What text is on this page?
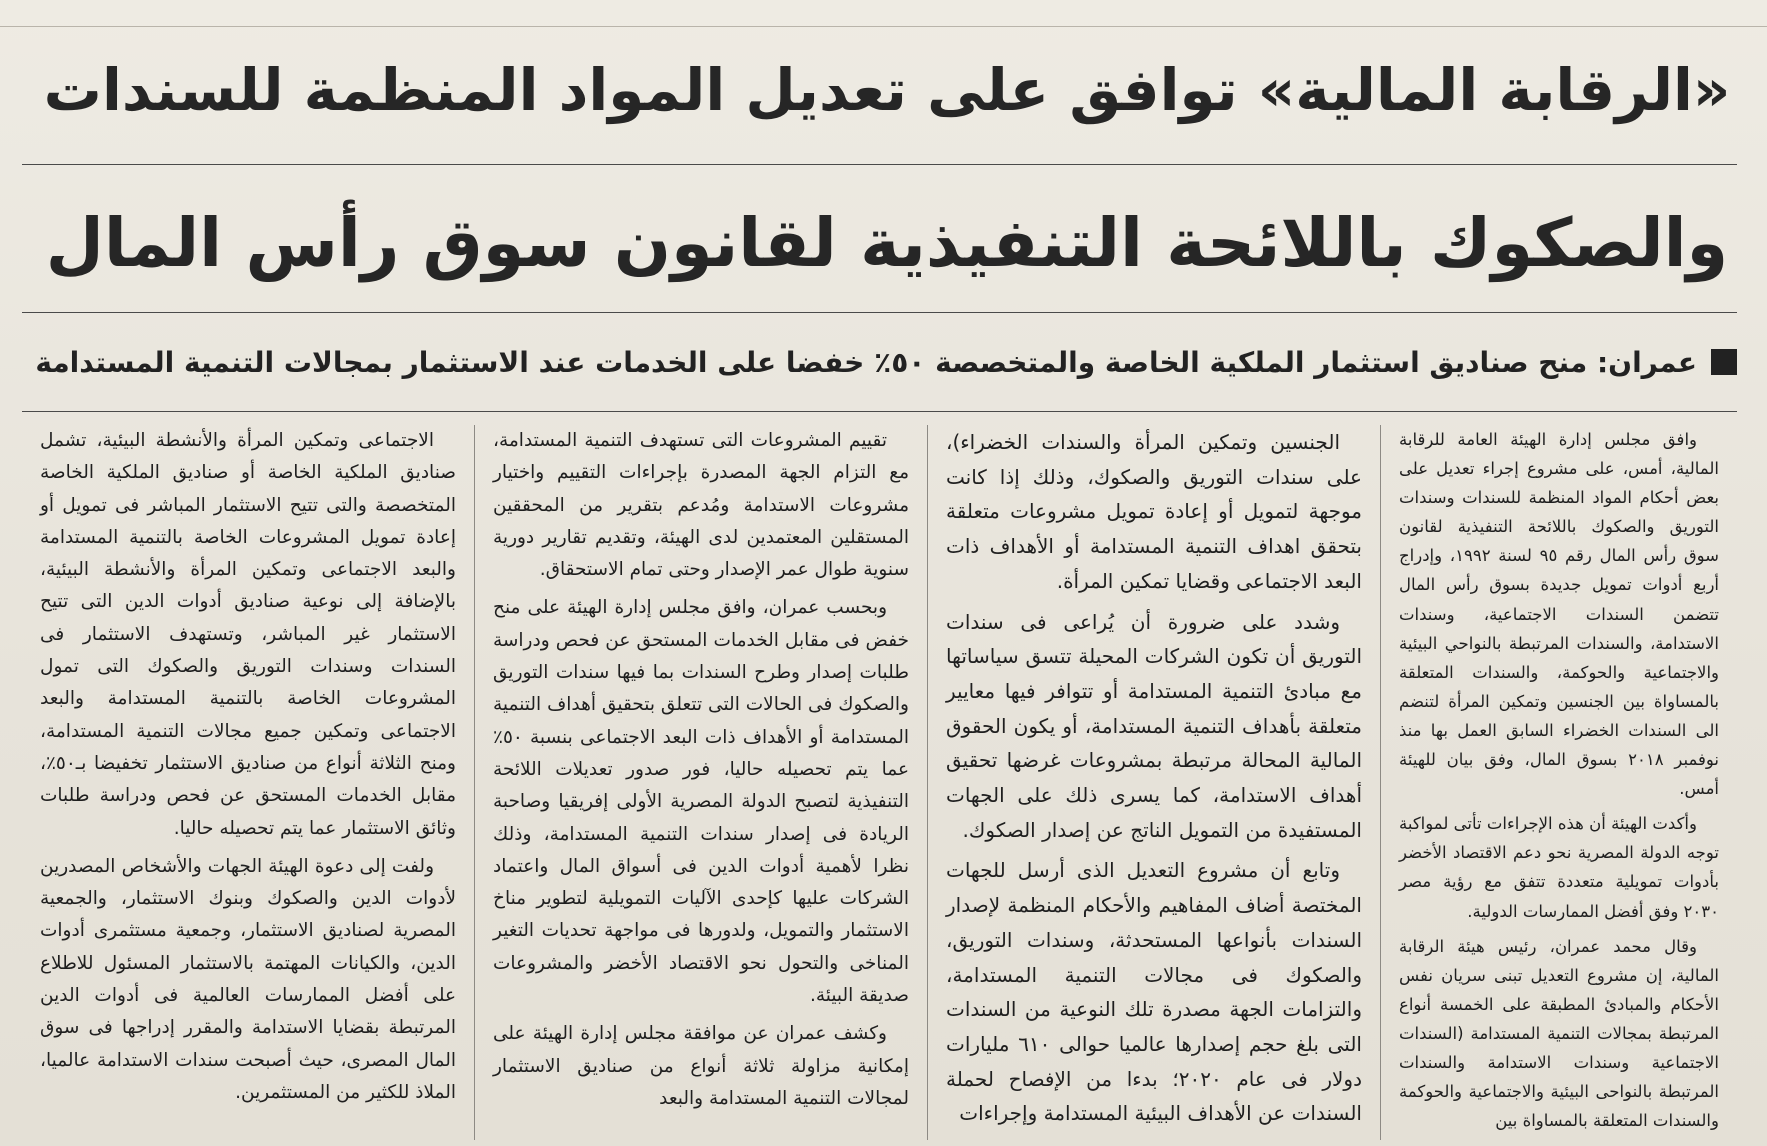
«الرقابة المالية» توافق على تعديل المواد المنظمة للسندات
والصكوك باللائحة التنفيذية لقانون سوق رأس المال
عمران: منح صناديق استثمار الملكية الخاصة والمتخصصة ٥٠٪ خفضا على الخدمات عند الاستثمار بمجالات التنمية المستدامة

وافق مجلس إدارة الهيئة العامة للرقابة المالية، أمس، على مشروع إجراء تعديل على بعض أحكام المواد المنظمة للسندات وسندات التوريق والصكوك باللائحة التنفيذية لقانون سوق رأس المال رقم ٩٥ لسنة ١٩٩٢، وإدراج أربع أدوات تمويل جديدة بسوق رأس المال تتضمن السندات الاجتماعية، وسندات الاستدامة، والسندات المرتبطة بالنواحي البيئية والاجتماعية والحوكمة، والسندات المتعلقة بالمساواة بين الجنسين وتمكين المرأة لتنضم الى السندات الخضراء السابق العمل بها منذ نوفمبر ٢٠١٨ بسوق المال، وفق بيان للهيئة أمس.

وأكدت الهيئة أن هذه الإجراءات تأتى لمواكبة توجه الدولة المصرية نحو دعم الاقتصاد الأخضر بأدوات تمويلية متعددة تتفق مع رؤية مصر ٢٠٣٠ وفق أفضل الممارسات الدولية.

وقال محمد عمران، رئيس هيئة الرقابة المالية، إن مشروع التعديل تبنى سريان نفس الأحكام والمبادئ المطبقة على الخمسة أنواع المرتبطة بمجالات التنمية المستدامة (السندات الاجتماعية وسندات الاستدامة والسندات المرتبطة بالنواحى البيئية والاجتماعية والحوكمة والسندات المتعلقة بالمساواة بين

الجنسين وتمكين المرأة والسندات الخضراء)، على سندات التوريق والصكوك، وذلك إذا كانت موجهة لتمويل أو إعادة تمويل مشروعات متعلقة بتحقق اهداف التنمية المستدامة أو الأهداف ذات البعد الاجتماعى وقضايا تمكين المرأة.

وشدد على ضرورة أن يُراعى فى سندات التوريق أن تكون الشركات المحيلة تتسق سياساتها مع مبادئ التنمية المستدامة أو تتوافر فيها معايير متعلقة بأهداف التنمية المستدامة، أو يكون الحقوق المالية المحالة مرتبطة بمشروعات غرضها تحقيق أهداف الاستدامة، كما يسرى ذلك على الجهات المستفيدة من التمويل الناتج عن إصدار الصكوك.

وتابع أن مشروع التعديل الذى أرسل للجهات المختصة أضاف المفاهيم والأحكام المنظمة لإصدار السندات بأنواعها المستحدثة، وسندات التوريق، والصكوك فى مجالات التنمية المستدامة، والتزامات الجهة مصدرة تلك النوعية من السندات التى بلغ حجم إصدارها عالميا حوالى ٦١٠ مليارات دولار فى عام ٢٠٢٠؛ بدءا من الإفصاح لحملة السندات عن الأهداف البيئية المستدامة وإجراءات

تقييم المشروعات التى تستهدف التنمية المستدامة، مع التزام الجهة المصدرة بإجراءات التقييم واختيار مشروعات الاستدامة ومُدعم بتقرير من المحققين المستقلين المعتمدين لدى الهيئة، وتقديم تقارير دورية سنوية طوال عمر الإصدار وحتى تمام الاستحقاق.

وبحسب عمران، وافق مجلس إدارة الهيئة على منح خفض فى مقابل الخدمات المستحق عن فحص ودراسة طلبات إصدار وطرح السندات بما فيها سندات التوريق والصكوك فى الحالات التى تتعلق بتحقيق أهداف التنمية المستدامة أو الأهداف ذات البعد الاجتماعى بنسبة ٥٠٪ عما يتم تحصيله حاليا، فور صدور تعديلات اللائحة التنفيذية لتصبح الدولة المصرية الأولى إفريقيا وصاحبة الريادة فى إصدار سندات التنمية المستدامة، وذلك نظرا لأهمية أدوات الدين فى أسواق المال واعتماد الشركات عليها كإحدى الآليات التمويلية لتطوير مناخ الاستثمار والتمويل، ولدورها فى مواجهة تحديات التغير المناخى والتحول نحو الاقتصاد الأخضر والمشروعات صديقة البيئة.

وكشف عمران عن موافقة مجلس إدارة الهيئة على إمكانية مزاولة ثلاثة أنواع من صناديق الاستثمار لمجالات التنمية المستدامة والبعد

الاجتماعى وتمكين المرأة والأنشطة البيئية، تشمل صناديق الملكية الخاصة أو صناديق الملكية الخاصة المتخصصة والتى تتيح الاستثمار المباشر فى تمويل أو إعادة تمويل المشروعات الخاصة بالتنمية المستدامة والبعد الاجتماعى وتمكين المرأة والأنشطة البيئية، بالإضافة إلى نوعية صناديق أدوات الدين التى تتيح الاستثمار غير المباشر، وتستهدف الاستثمار فى السندات وسندات التوريق والصكوك التى تمول المشروعات الخاصة بالتنمية المستدامة والبعد الاجتماعى وتمكين جميع مجالات التنمية المستدامة، ومنح الثلاثة أنواع من صناديق الاستثمار تخفيضا بـ٥٠٪، مقابل الخدمات المستحق عن فحص ودراسة طلبات وثائق الاستثمار عما يتم تحصيله حاليا.

ولفت إلى دعوة الهيئة الجهات والأشخاص المصدرين لأدوات الدين والصكوك وبنوك الاستثمار، والجمعية المصرية لصناديق الاستثمار، وجمعية مستثمرى أدوات الدين، والكيانات المهتمة بالاستثمار المسئول للاطلاع على أفضل الممارسات العالمية فى أدوات الدين المرتبطة بقضايا الاستدامة والمقرر إدراجها فى سوق المال المصرى، حيث أصبحت سندات الاستدامة عالميا، الملاذ للكثير من المستثمرين.
